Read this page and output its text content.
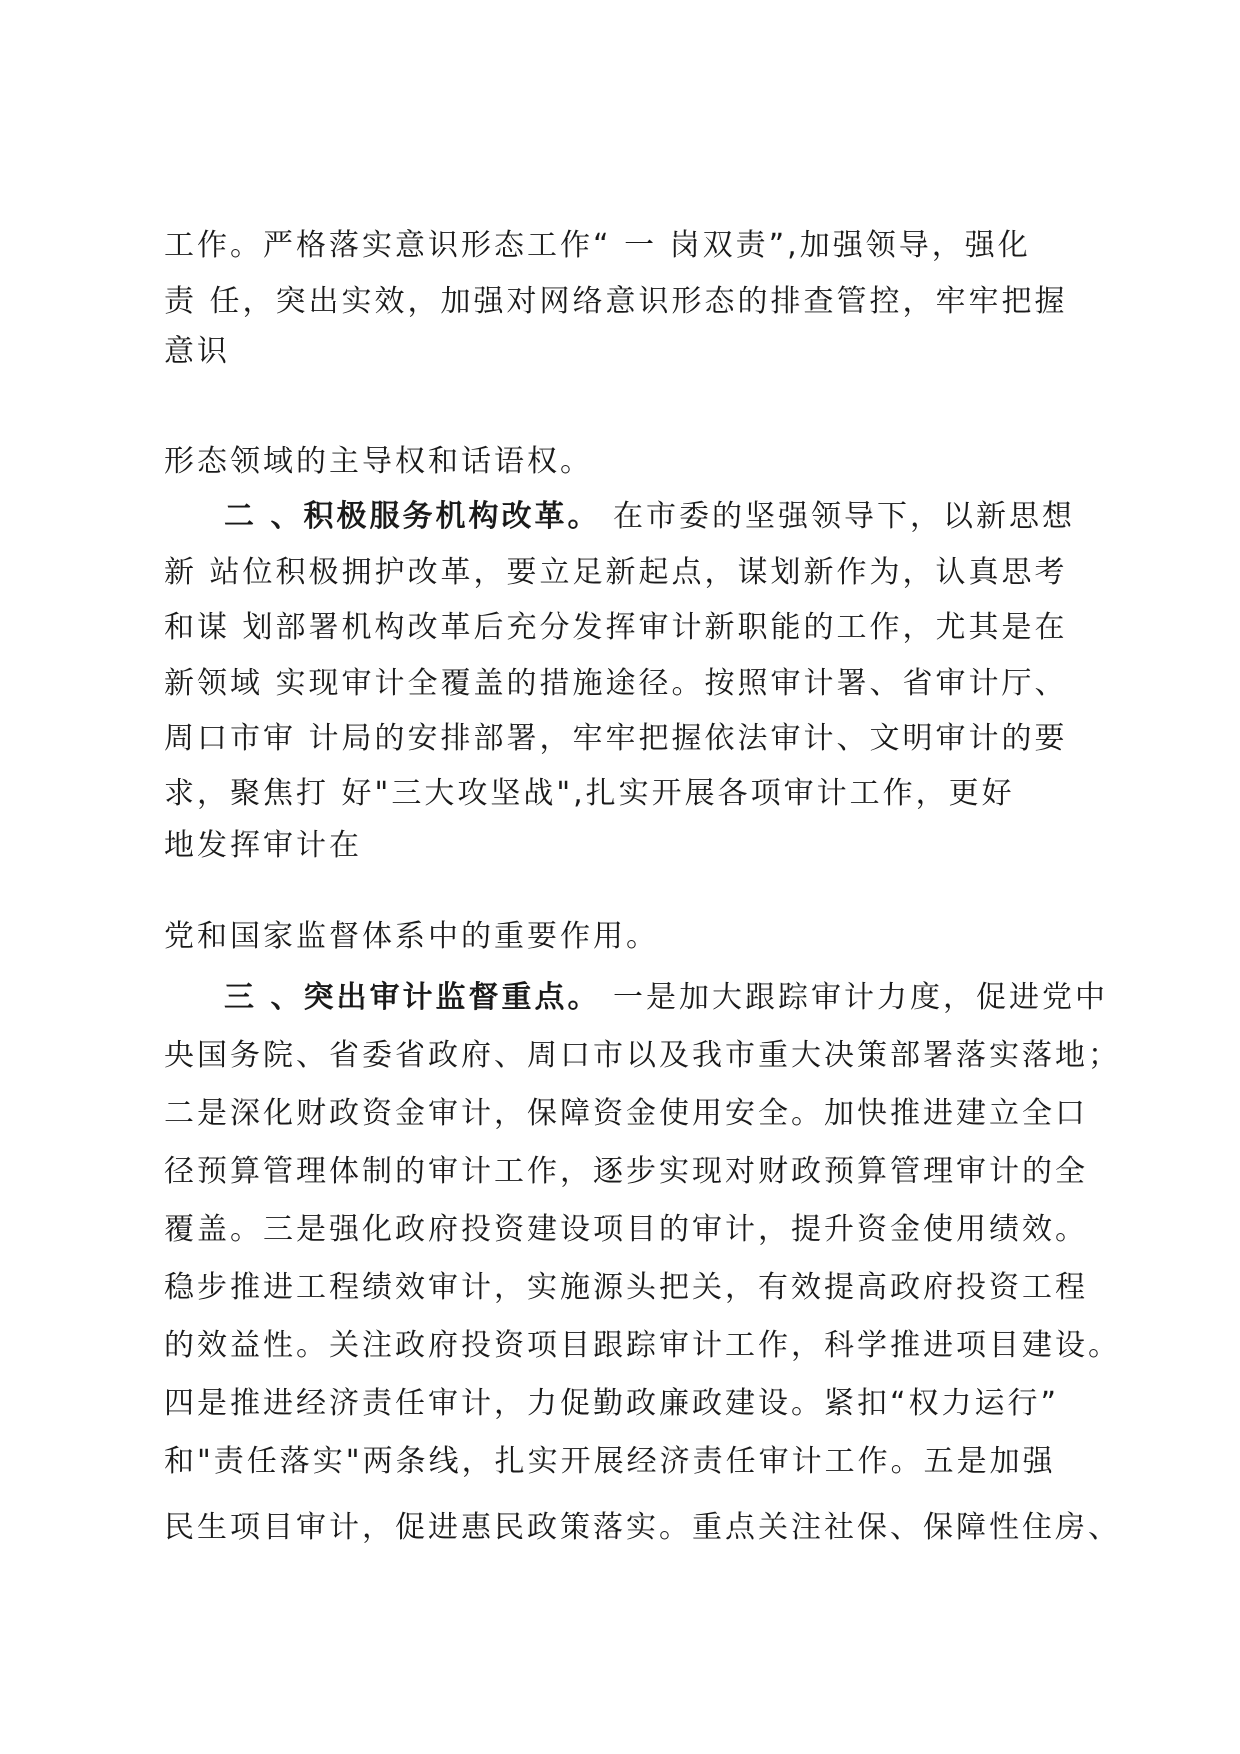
工作。严格落实意识形态工作“ 一 岗双责”,加强领导，强化
责 任，突出实效，加强对网络意识形态的排查管控，牢牢把握
意识
形态领域的主导权和话语权。
二 、积极服务机构改革。 在市委的坚强领导下，以新思想
新 站位积极拥护改革，要立足新起点，谋划新作为，认真思考
和谋 划部署机构改革后充分发挥审计新职能的工作，尤其是在
新领域 实现审计全覆盖的措施途径。按照审计署、省审计厅、
周口市审 计局的安排部署，牢牢把握依法审计、文明审计的要
求，聚焦打 好"三大攻坚战",扎实开展各项审计工作，更好
地发挥审计在
党和国家监督体系中的重要作用。
三 、突出审计监督重点。 一是加大跟踪审计力度，促进党中
央国务院、省委省政府、周口市以及我市重大决策部署落实落地；
二是深化财政资金审计，保障资金使用安全。加快推进建立全口
径预算管理体制的审计工作，逐步实现对财政预算管理审计的全
覆盖。三是强化政府投资建设项目的审计，提升资金使用绩效。
稳步推进工程绩效审计，实施源头把关，有效提高政府投资工程
的效益性。关注政府投资项目跟踪审计工作，科学推进项目建设。
四是推进经济责任审计，力促勤政廉政建设。紧扣“权力运行”
和"责任落实"两条线，扎实开展经济责任审计工作。五是加强
民生项目审计，促进惠民政策落实。重点关注社保、保障性住房、
